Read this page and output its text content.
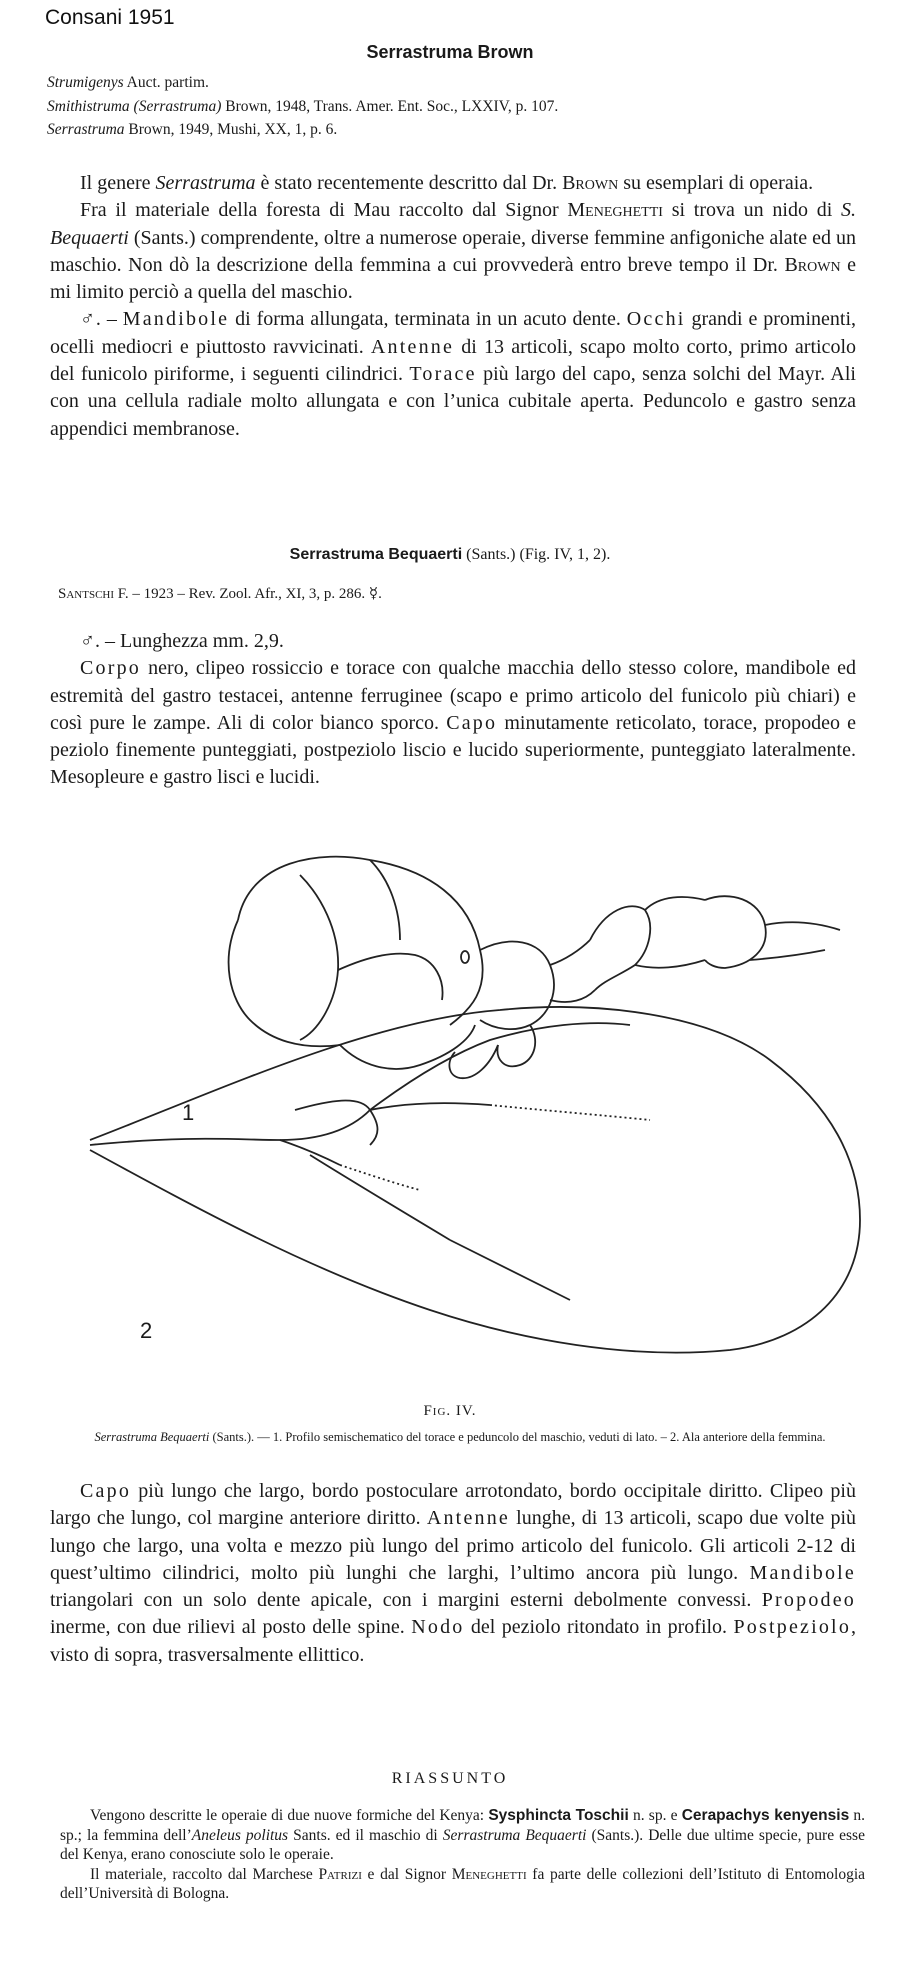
Consani 1951
Serrastruma Brown
Strumigenys Auct. partim.
Smithistruma (Serrastruma) Brown, 1948, Trans. Amer. Ent. Soc., LXXIV, p. 107.
Serrastruma Brown, 1949, Mushi, XX, 1, p. 6.

Il genere Serrastruma è stato recentemente descritto dal Dr. Brown su esemplari di operaia.

Fra il materiale della foresta di Mau raccolto dal Signor Meneghetti si trova un nido di S. Bequaerti (Sants.) comprendente, oltre a numerose operaie, diverse femmine anfigoniche alate ed un maschio. Non dò la descrizione della femmina a cui provvederà entro breve tempo il Dr. Brown e mi limito perciò a quella del maschio.

♂. – Mandibole di forma allungata, terminata in un acuto dente. Occhi grandi e prominenti, ocelli mediocri e piuttosto ravvicinati. Antenne di 13 articoli, scapo molto corto, primo articolo del funicolo piriforme, i seguenti cilindrici. Torace più largo del capo, senza solchi del Mayr. Ali con una cellula radiale molto allungata e con l’unica cubitale aperta. Peduncolo e gastro senza appendici membranose.

Serrastruma Bequaerti (Sants.) (Fig. IV, 1, 2).
Santschi F. – 1923 – Rev. Zool. Afr., XI, 3, p. 286. ☿.

♂. – Lunghezza mm. 2,9.

Corpo nero, clipeo rossiccio e torace con qualche macchia dello stesso colore, mandibole ed estremità del gastro testacei, antenne ferruginee (scapo e primo articolo del funicolo più chiari) e così pure le zampe. Ali di color bianco sporco. Capo minutamente reticolato, torace, propodeo e peziolo finemente punteggiati, postpeziolo liscio e lucido superiormente, punteggiato lateralmente. Mesopleure e gastro lisci e lucidi.

1
2
Fig. IV.
Serrastruma Bequaerti (Sants.). — 1. Profilo semischematico del torace e peduncolo del maschio, veduti di lato. – 2. Ala anteriore della femmina.

Capo più lungo che largo, bordo postoculare arrotondato, bordo occipitale diritto. Clipeo più largo che lungo, col margine anteriore diritto. Antenne lunghe, di 13 articoli, scapo due volte più lungo che largo, una volta e mezzo più lungo del primo articolo del funicolo. Gli articoli 2-12 di quest’ultimo cilindrici, molto più lunghi che larghi, l’ultimo ancora più lungo. Mandibole triangolari con un solo dente apicale, con i margini esterni debolmente convessi. Propodeo inerme, con due rilievi al posto delle spine. Nodo del peziolo ritondato in profilo. Postpeziolo, visto di sopra, trasversalmente ellittico.

RIASSUNTO

Vengono descritte le operaie di due nuove formiche del Kenya: Sysphincta Toschii n. sp. e Cerapachys kenyensis n. sp.; la femmina dell’Aneleus politus Sants. ed il maschio di Serrastruma Bequaerti (Sants.). Delle due ultime specie, pure esse del Kenya, erano conosciute solo le operaie.

Il materiale, raccolto dal Marchese Patrizi e dal Signor Meneghetti fa parte delle collezioni dell’Istituto di Entomologia dell’Università di Bologna.
